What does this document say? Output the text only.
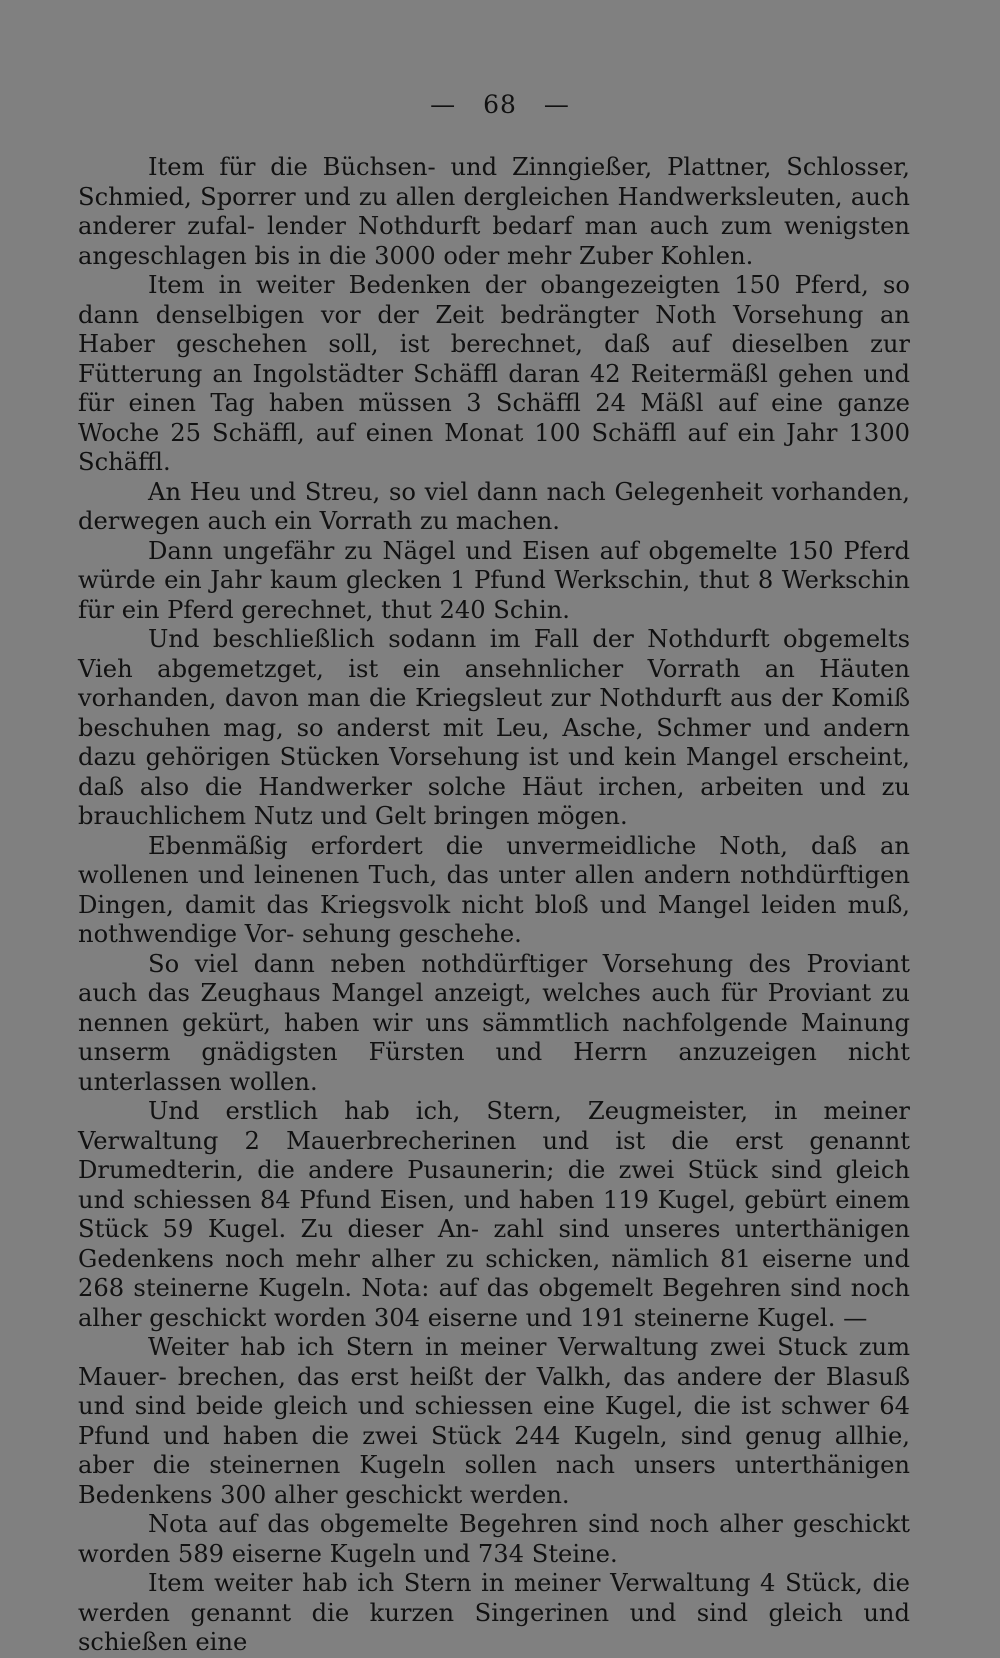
— 68 —

Item für die Büchsen- und Zinngießer, Plattner, Schlosser, Schmied, Sporrer und zu allen dergleichen Handwerksleuten, auch anderer zufal- lender Nothdurft bedarf man auch zum wenigsten angeschlagen bis in die 3000 oder mehr Zuber Kohlen.

Item in weiter Bedenken der obangezeigten 150 Pferd, so dann denselbigen vor der Zeit bedrängter Noth Vorsehung an Haber geschehen soll, ist berechnet, daß auf dieselben zur Fütterung an Ingolstädter Schäffl daran 42 Reitermäßl gehen und für einen Tag haben müssen 3 Schäffl 24 Mäßl auf eine ganze Woche 25 Schäffl, auf einen Monat 100 Schäffl auf ein Jahr 1300 Schäffl.

An Heu und Streu, so viel dann nach Gelegenheit vorhanden, derwegen auch ein Vorrath zu machen.

Dann ungefähr zu Nägel und Eisen auf obgemelte 150 Pferd würde ein Jahr kaum glecken 1 Pfund Werkschin, thut 8 Werkschin für ein Pferd gerechnet, thut 240 Schin.

Und beschließlich sodann im Fall der Nothdurft obgemelts Vieh abgemetzget, ist ein ansehnlicher Vorrath an Häuten vorhanden, davon man die Kriegsleut zur Nothdurft aus der Komiß beschuhen mag, so anderst mit Leu, Asche, Schmer und andern dazu gehörigen Stücken Vorsehung ist und kein Mangel erscheint, daß also die Handwerker solche Häut irchen, arbeiten und zu brauchlichem Nutz und Gelt bringen mögen.

Ebenmäßig erfordert die unvermeidliche Noth, daß an wollenen und leinenen Tuch, das unter allen andern nothdürftigen Dingen, damit das Kriegsvolk nicht bloß und Mangel leiden muß, nothwendige Vor- sehung geschehe.

So viel dann neben nothdürftiger Vorsehung des Proviant auch das Zeughaus Mangel anzeigt, welches auch für Proviant zu nennen gekürt, haben wir uns sämmtlich nachfolgende Mainung unserm gnädigsten Fürsten und Herrn anzuzeigen nicht unterlassen wollen.

Und erstlich hab ich, Stern, Zeugmeister, in meiner Verwaltung 2 Mauerbrecherinen und ist die erst genannt Drumedterin, die andere Pusaunerin; die zwei Stück sind gleich und schiessen 84 Pfund Eisen, und haben 119 Kugel, gebürt einem Stück 59 Kugel. Zu dieser An- zahl sind unseres unterthänigen Gedenkens noch mehr alher zu schicken, nämlich 81 eiserne und 268 steinerne Kugeln. Nota: auf das obgemelt Begehren sind noch alher geschickt worden 304 eiserne und 191 steinerne Kugel. —

Weiter hab ich Stern in meiner Verwaltung zwei Stuck zum Mauer- brechen, das erst heißt der Valkh, das andere der Blasuß und sind beide gleich und schiessen eine Kugel, die ist schwer 64 Pfund und haben die zwei Stück 244 Kugeln, sind genug allhie, aber die steinernen Kugeln sollen nach unsers unterthänigen Bedenkens 300 alher geschickt werden.

Nota auf das obgemelte Begehren sind noch alher geschickt worden 589 eiserne Kugeln und 734 Steine.

Item weiter hab ich Stern in meiner Verwaltung 4 Stück, die werden genannt die kurzen Singerinen und sind gleich und schießen eine
